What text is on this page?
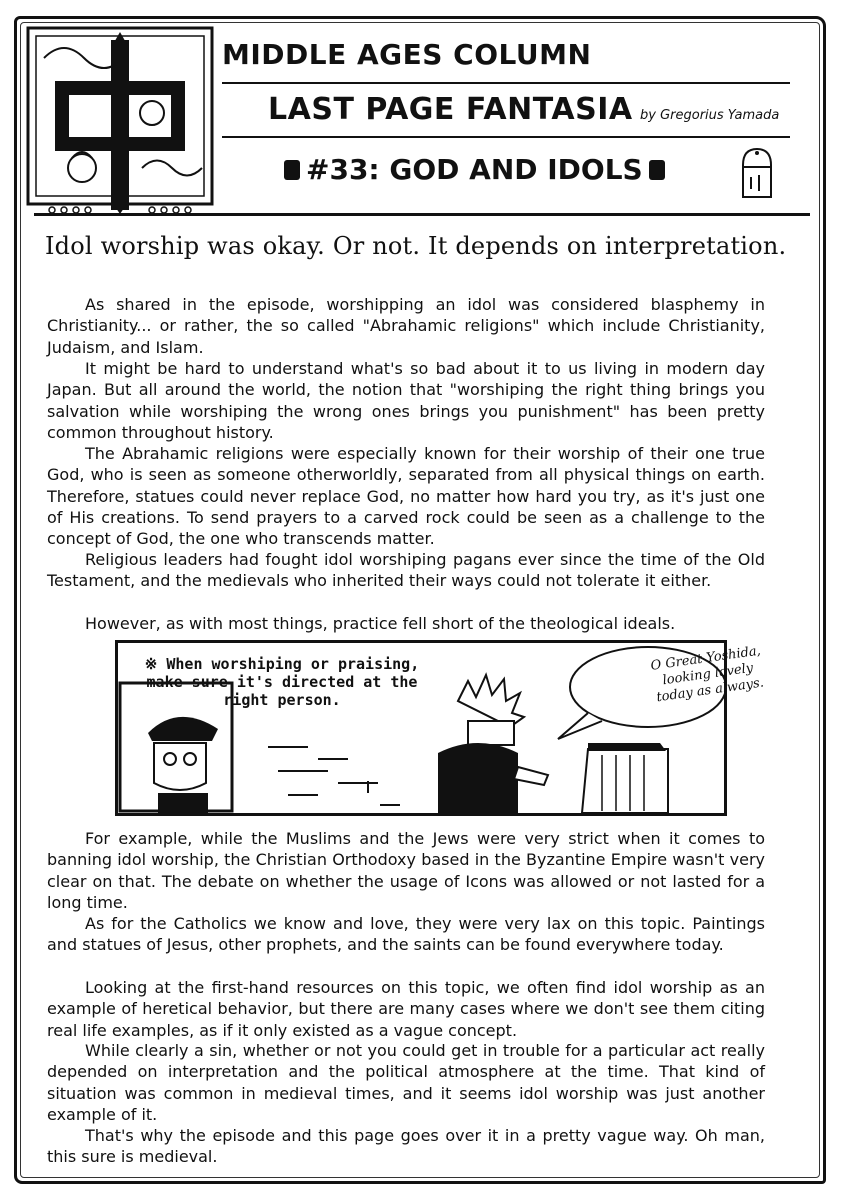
MIDDLE AGES COLUMN
LAST PAGE FANTASIA by Gregorius Yamada
#33: GOD AND IDOLS
Idol worship was okay. Or not. It depends on interpretation.

As shared in the episode, worshipping an idol was considered blasphemy in Christianity... or rather, the so called "Abrahamic religions" which include Christianity, Judaism, and Islam.

It might be hard to understand what's so bad about it to us living in modern day Japan. But all around the world, the notion that "worshiping the right thing brings you salvation while worshiping the wrong ones brings you punishment" has been pretty common throughout history.

The Abrahamic religions were especially known for their worship of their one true God, who is seen as someone otherworldly, separated from all physical things on earth. Therefore, statues could never replace God, no matter how hard you try, as it's just one of His creations. To send prayers to a carved rock could be seen as a challenge to the concept of God, the one who transcends matter.

Religious leaders had fought idol worshiping pagans ever since the time of the Old Testament, and the medievals who inherited their ways could not tolerate it either.

However, as with most things, practice fell short of the theological ideals.

※ When worshiping or praising, make sure it's directed at the right person.
O Great Yoshida, looking lovely today as always.

For example, while the Muslims and the Jews were very strict when it comes to banning idol worship, the Christian Orthodoxy based in the Byzantine Empire wasn't very clear on that. The debate on whether the usage of Icons was allowed or not lasted for a long time.

As for the Catholics we know and love, they were very lax on this topic. Paintings and statues of Jesus, other prophets, and the saints can be found everywhere today.

Looking at the first-hand resources on this topic, we often find idol worship as an example of heretical behavior, but there are many cases where we don't see them citing real life examples, as if it only existed as a vague concept.

While clearly a sin, whether or not you could get in trouble for a particular act really depended on interpretation and the political atmosphere at the time. That kind of situation was common in medieval times, and it seems idol worship was just another example of it.

That's why the episode and this page goes over it in a pretty vague way. Oh man, this sure is medieval.
